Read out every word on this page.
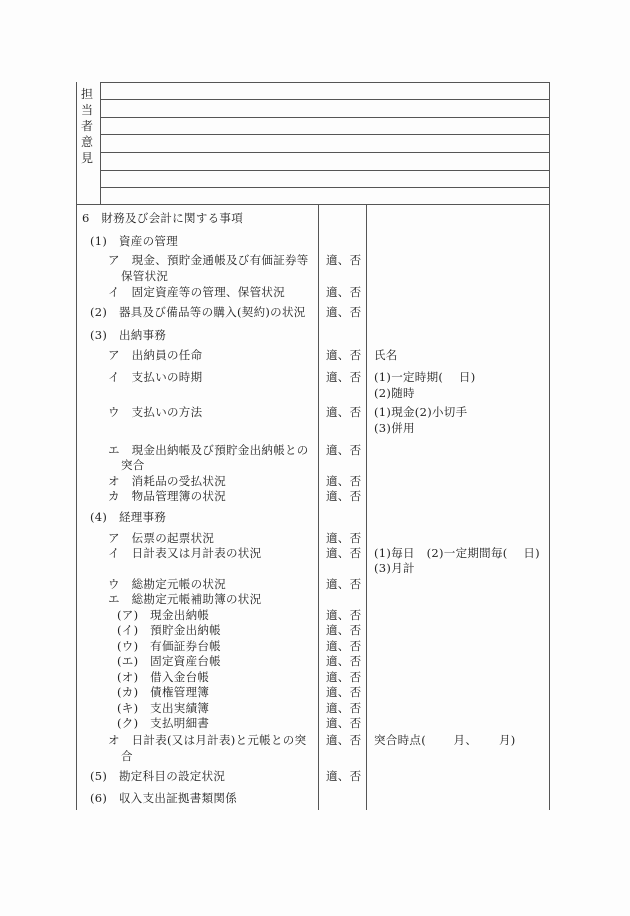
担
当
者
意
見
6　財務及び会計に関する事項
(1)　資産の管理
ア　現金、預貯金通帳及び有価証券等 適、否
保管状況
イ　固定資産等の管理、保管状況	適、否
(2)　器具及び備品等の購入(契約)の状況 適、否
(3)　出納事務
ア　出納員の任命	適、否 氏名
イ　支払いの時期	適、否 (1)一定時期(　 日)
(2)随時
ウ　支払いの方法	適、否 (1)現金(2)小切手
(3)併用
エ　現金出納帳及び預貯金出納帳との 適、否
突合
オ　消耗品の受払状況	適、否
カ　物品管理簿の状況	適、否
(4)　経理事務
ア　伝票の起票状況	適、否
イ　日計表又は月計表の状況	適、否 (1)毎日　(2)一定期間毎(　 日)
(3)月計
ウ　総勘定元帳の状況	適、否
エ　総勘定元帳補助簿の状況
(ア)　現金出納帳	適、否
(イ)　預貯金出納帳	適、否
(ウ)　有価証券台帳	適、否
(エ)　固定資産台帳	適、否
(オ)　借入金台帳	適、否
(カ)　債権管理簿	適、否
(キ)　支出実績簿	適、否
(ク)　支払明細書	適、否
オ　日計表(又は月計表)と元帳との突 適、否 突合時点(　　 月、　　 月)
合
(5)　勘定科目の設定状況	適、否
(6)　収入支出証拠書類関係
